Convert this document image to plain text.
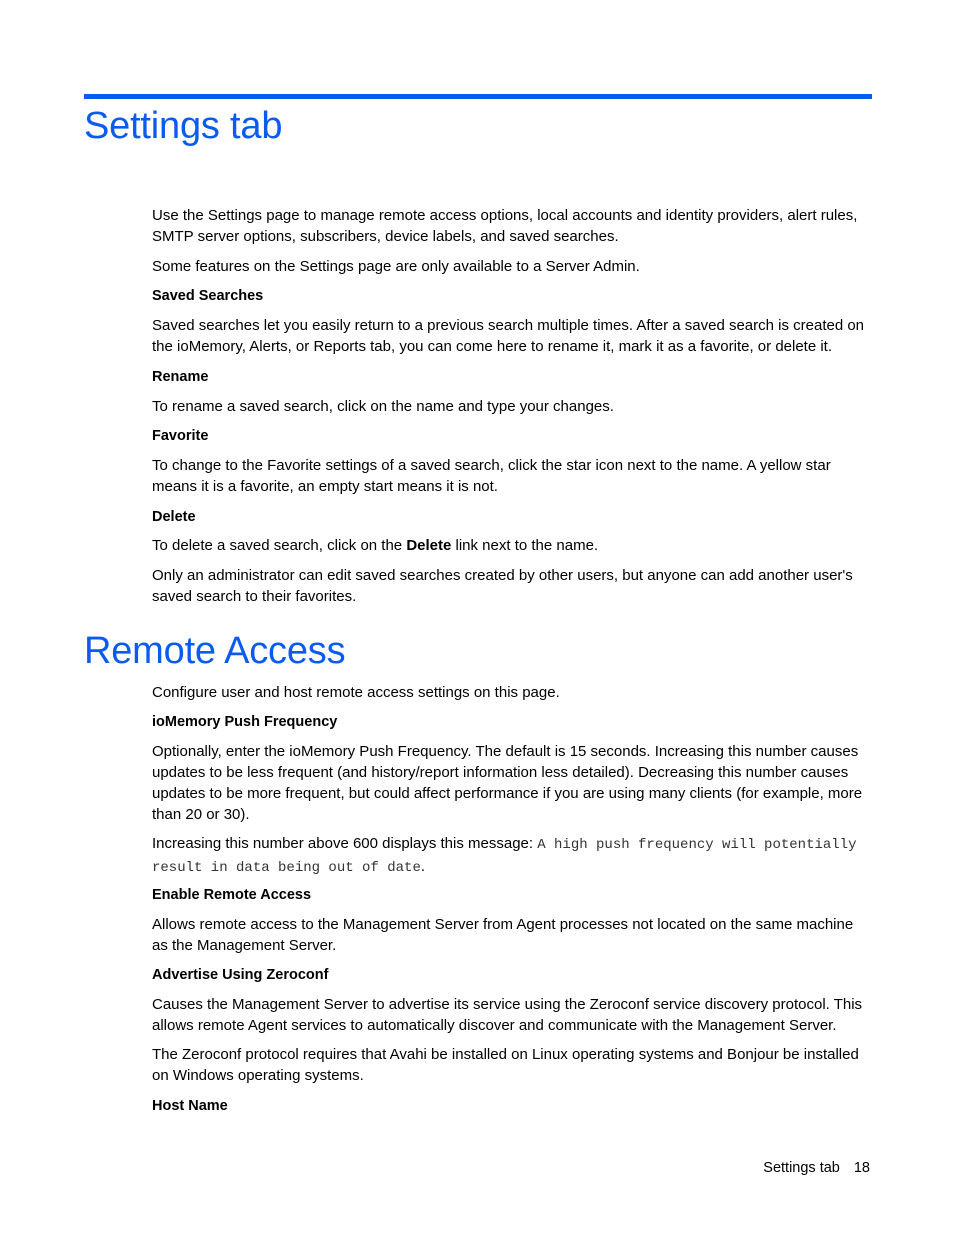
Settings tab

Use the Settings page to manage remote access options, local accounts and identity providers, alert rules, SMTP server options, subscribers, device labels, and saved searches.

Some features on the Settings page are only available to a Server Admin.

Saved Searches

Saved searches let you easily return to a previous search multiple times. After a saved search is created on the ioMemory, Alerts, or Reports tab, you can come here to rename it, mark it as a favorite, or delete it.

Rename

To rename a saved search, click on the name and type your changes.

Favorite

To change to the Favorite settings of a saved search, click the star icon next to the name. A yellow star means it is a favorite, an empty start means it is not.

Delete

To delete a saved search, click on the Delete link next to the name.

Only an administrator can edit saved searches created by other users, but anyone can add another user's saved search to their favorites.

Remote Access

Configure user and host remote access settings on this page.

ioMemory Push Frequency

Optionally, enter the ioMemory Push Frequency. The default is 15 seconds. Increasing this number causes updates to be less frequent (and history/report information less detailed). Decreasing this number causes updates to be more frequent, but could affect performance if you are using many clients (for example, more than 20 or 30).

Increasing this number above 600 displays this message: A high push frequency will potentially result in data being out of date.

Enable Remote Access

Allows remote access to the Management Server from Agent processes not located on the same machine as the Management Server.

Advertise Using Zeroconf

Causes the Management Server to advertise its service using the Zeroconf service discovery protocol. This allows remote Agent services to automatically discover and communicate with the Management Server.

The Zeroconf protocol requires that Avahi be installed on Linux operating systems and Bonjour be installed on Windows operating systems.

Host Name

Settings tab 18
